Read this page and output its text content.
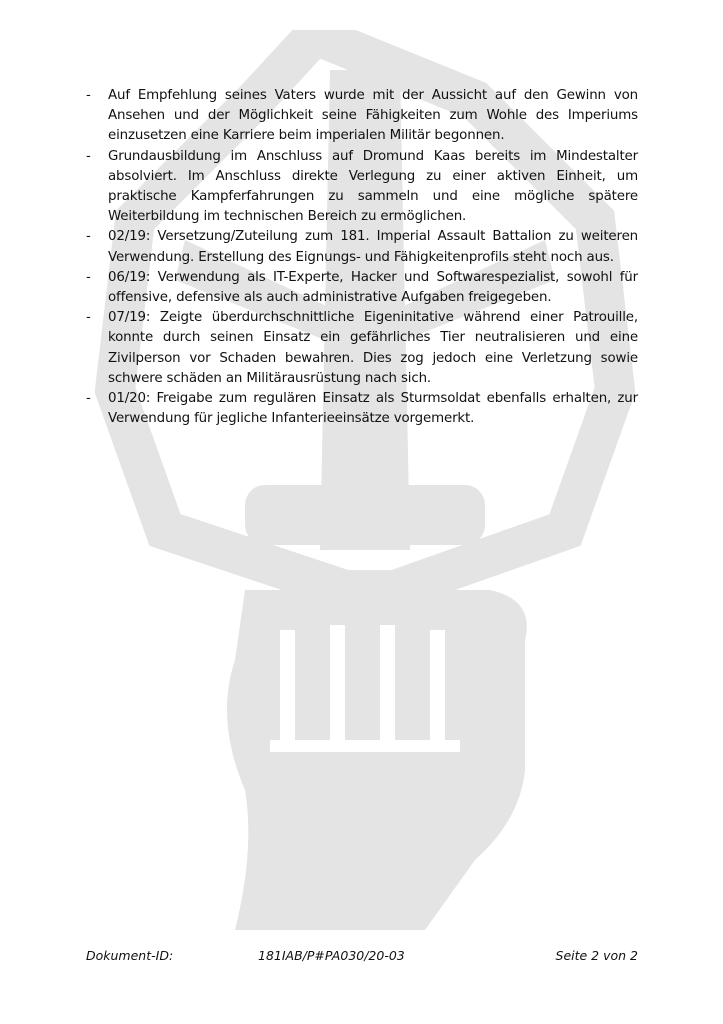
- Auf Empfehlung seines Vaters wurde mit der Aussicht auf den Gewinn von Ansehen und der Möglichkeit seine Fähigkeiten zum Wohle des Imperiums einzusetzen eine Karriere beim imperialen Militär begonnen.
- Grundausbildung im Anschluss auf Dromund Kaas bereits im Mindestalter absolviert. Im Anschluss direkte Verlegung zu einer aktiven Einheit, um praktische Kampferfahrungen zu sammeln und eine mögliche spätere Weiterbildung im technischen Bereich zu ermöglichen.
- 02/19: Versetzung/Zuteilung zum 181. Imperial Assault Battalion zu weiteren Verwendung. Erstellung des Eignungs- und Fähigkeitenprofils steht noch aus.
- 06/19: Verwendung als IT-Experte, Hacker und Softwarespezialist, sowohl für offensive, defensive als auch administrative Aufgaben freigegeben.
- 07/19: Zeigte überdurchschnittliche Eigeninitative während einer Patrouille, konnte durch seinen Einsatz ein gefährliches Tier neutralisieren und eine Zivilperson vor Schaden bewahren. Dies zog jedoch eine Verletzung sowie schwere schäden an Militärausrüstung nach sich.
- 01/20: Freigabe zum regulären Einsatz als Sturmsoldat ebenfalls erhalten, zur Verwendung für jegliche Infanterieeinsätze vorgemerkt.
Dokument-ID:	181IAB/P#PA030/20-03	Seite 2 von 2
